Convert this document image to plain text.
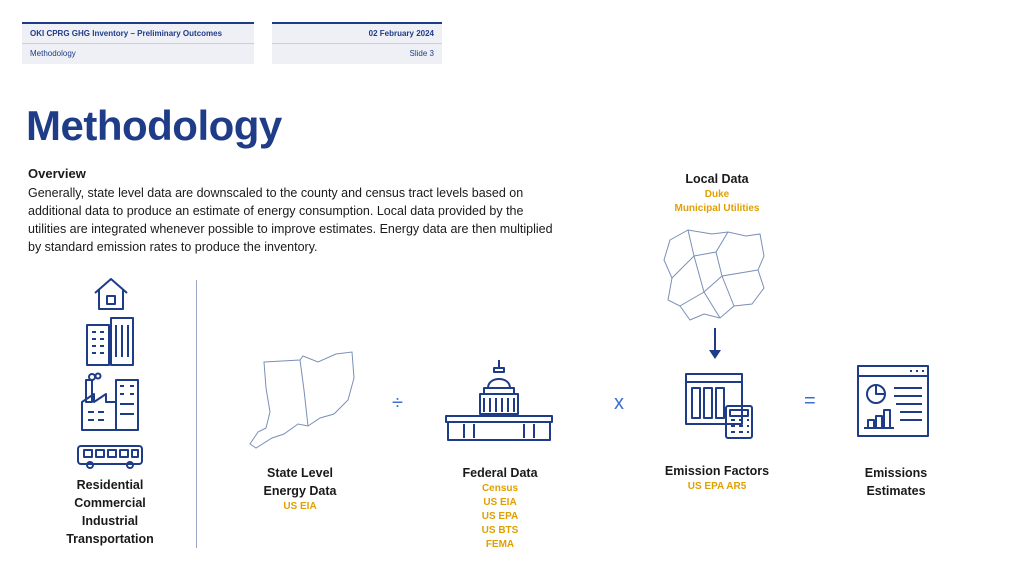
OKI CPRG GHG Inventory – Preliminary Outcomes
Methodology
02 February 2024
Slide 3
Methodology
Overview
Generally, state level data are downscaled to the county and census tract levels based on additional data to produce an estimate of energy consumption. Local data provided by the utilities are integrated whenever possible to improve estimates. Energy data are then multiplied by standard emission rates to produce the inventory.
Residential
Commercial
Industrial
Transportation
State Level
Energy Data
US EIA
÷
Federal Data
Census
US EIA
US EPA
US BTS
FEMA
x
Local Data
Duke
Municipal Utilities
Emission Factors
US EPA AR5
=
Emissions
Estimates
